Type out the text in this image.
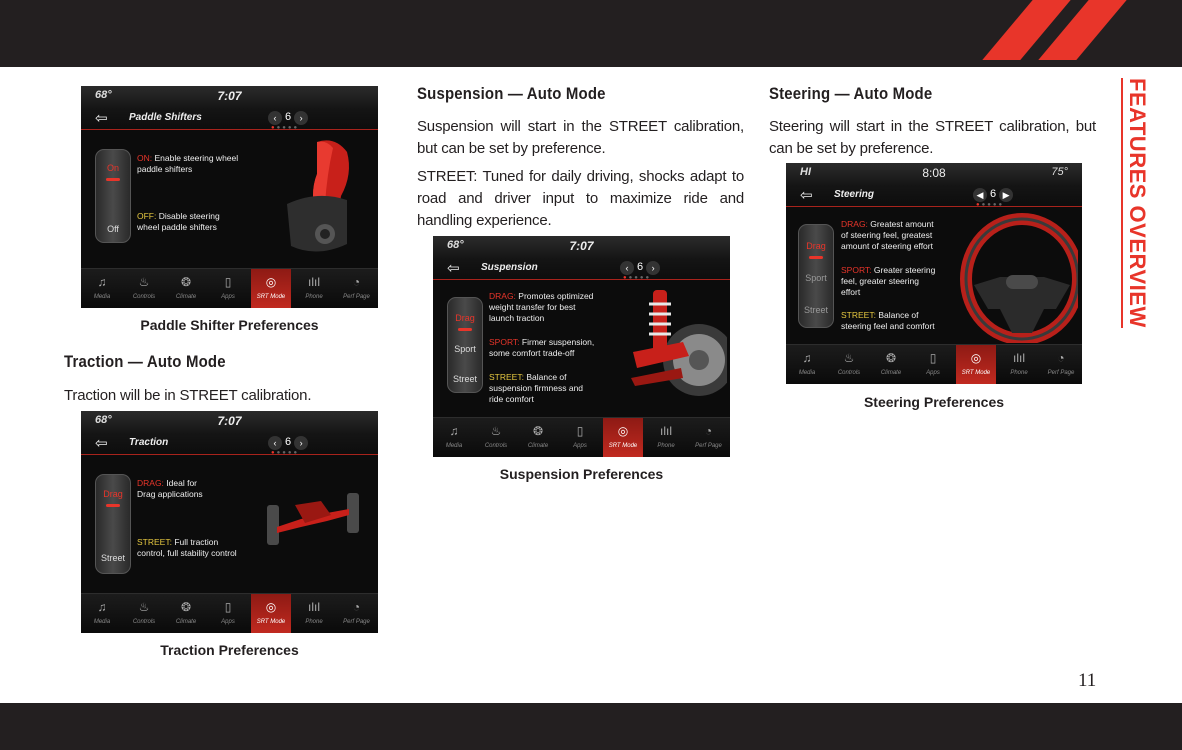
FEATURES OVERVIEW
68°	7:07
⇦ Paddle Shifters	‹ 6 ›
●●●●●
On
Off
ON: Enable steering wheel
paddle shifters
OFF: Disable steering
wheel paddle shifters
♫
Media
♨
Controls
❂
Climate
▯
Apps
◎
SRT Mode
ılıl
Phone
◔
Perf Page
Paddle Shifter Preferences
Traction — Auto Mode
Traction will be in STREET calibration.
68°	7:07
⇦ Traction	‹ 6 ›
●●●●●
Drag
Street
DRAG: Ideal for
Drag applications
STREET: Full traction
control, full stability control
♫
Media
♨
Controls
❂
Climate
▯
Apps
◎
SRT Mode
ılıl
Phone
◔
Perf Page
Traction Preferences
Suspension — Auto Mode
Suspension will start in the STREET calibration, but can be set by preference.
STREET: Tuned for daily driving, shocks adapt to road and driver input to maximize ride and handling experience.
68°	7:07
⇦ Suspension	‹ 6 ›
●●●●●
Drag
Sport
Street
DRAG: Promotes optimized
weight transfer for best
launch traction
SPORT: Firmer suspension,
some comfort trade-off
STREET: Balance of
suspension firmness and
ride comfort
♫
Media
♨
Controls
❂
Climate
▯
Apps
◎
SRT Mode
ılıl
Phone
◔
Perf Page
Suspension Preferences
Steering — Auto Mode
Steering will start in the STREET calibration, but can be set by preference.
HI	8:08	75°
⇦ Steering	◀ 6 ▶
●●●●●
Drag
Sport
Street
DRAG: Greatest amount
of steering feel, greatest
amount of steering effort
SPORT: Greater steering
feel, greater steering
effort
STREET: Balance of
steering feel and comfort
♫
Media
♨
Controls
❂
Climate
▯
Apps
◎
SRT Mode
ılıl
Phone
◔
Perf Page
Steering Preferences
11
